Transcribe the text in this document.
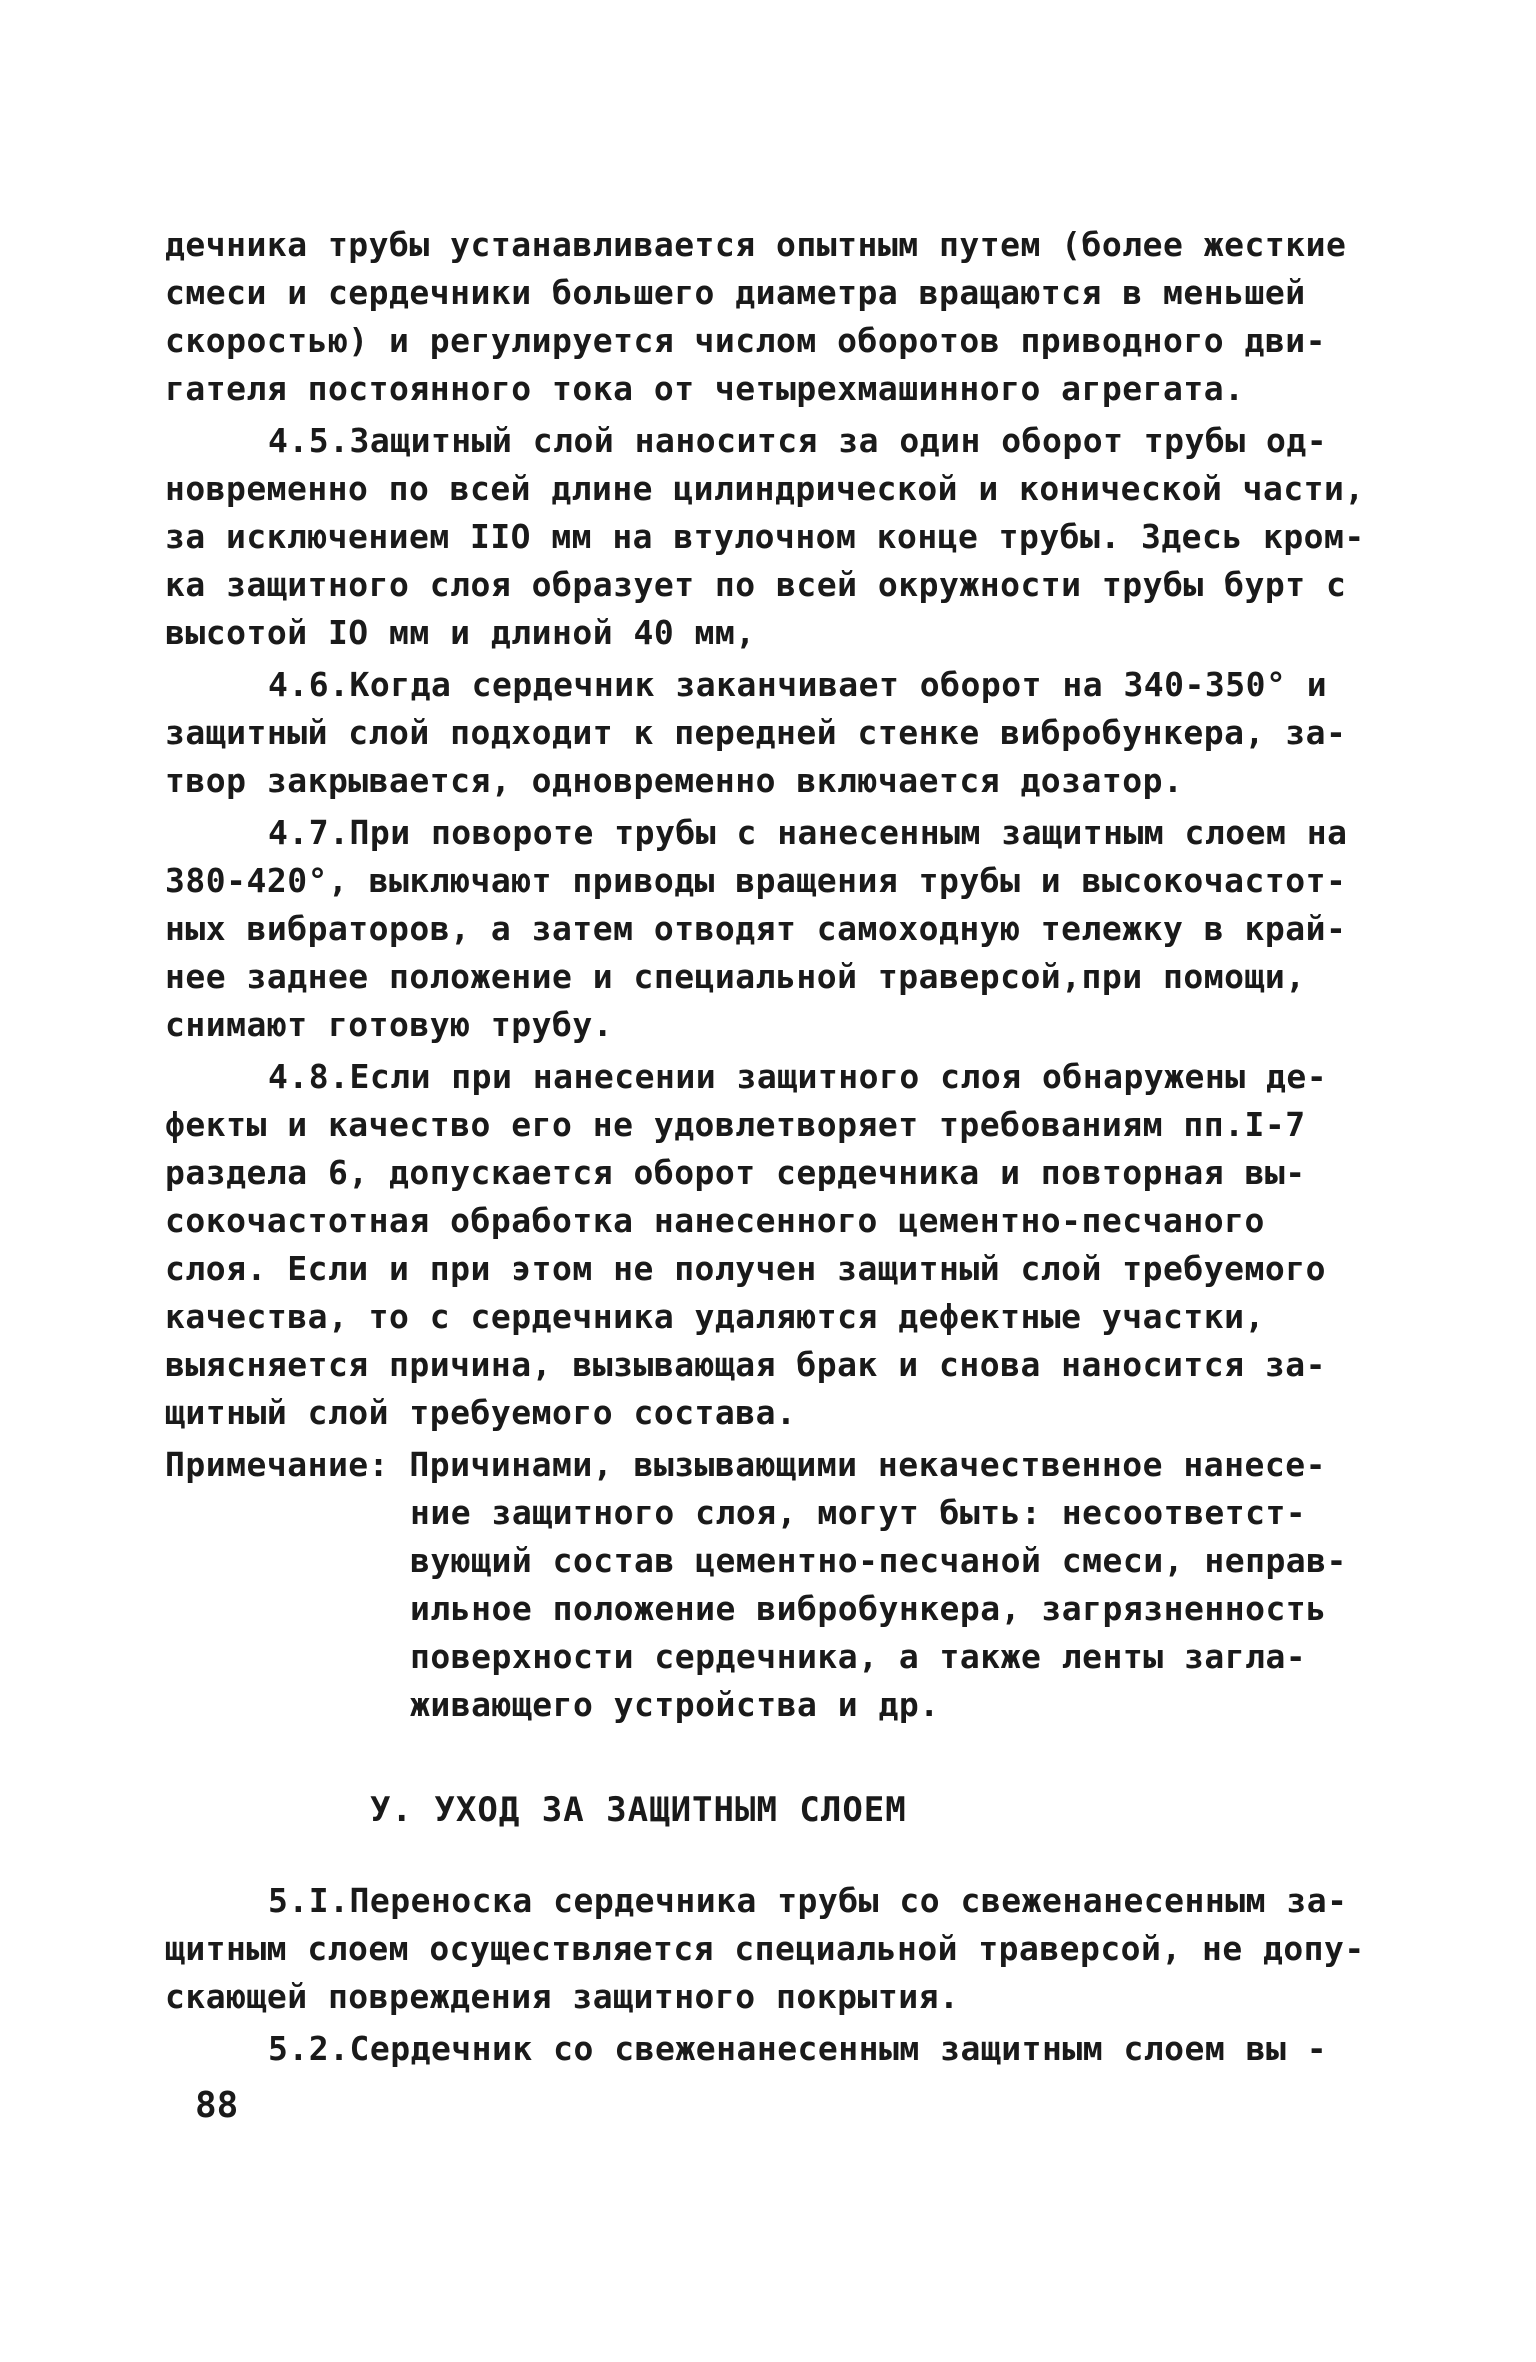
дечника трубы устанавливается опытным путем (более жесткие
смеси и сердечники большего диаметра вращаются в меньшей
скоростью) и регулируется числом оборотов приводного дви-
гателя постоянного тока от четырехмашинного агрегата.
4.5.Защитный слой наносится за один оборот трубы од-
новременно по всей длине цилиндрической и конической части,
за исключением IIO мм на втулочном конце трубы. Здесь кром-
ка защитного слоя образует по всей окружности трубы бурт с
высотой IO мм и длиной 40 мм,
4.6.Когда сердечник заканчивает оборот на 340-350° и
защитный слой подходит к передней стенке вибробункера, за-
твор закрывается, одновременно включается дозатор.
4.7.При повороте трубы с нанесенным защитным слоем на
380-420°, выключают приводы вращения трубы и высокочастот-
ных вибраторов, а затем отводят самоходную тележку в край-
нее заднее положение и специальной траверсой,при помощи,
снимают готовую трубу.
4.8.Если при нанесении защитного слоя обнаружены де-
фекты и качество его не удовлетворяет требованиям пп.I-7
раздела 6, допускается оборот сердечника и повторная вы-
сокочастотная обработка нанесенного цементно-песчаного
слоя. Если и при этом не получен защитный слой требуемого
качества, то с сердечника удаляются дефектные участки,
выясняется причина, вызывающая брак и снова наносится за-
щитный слой требуемого состава.
Примечание: Причинами, вызывающими некачественное нанесе-
ние защитного слоя, могут быть: несоответст-
вующий состав цементно-песчаной смеси, неправ-
ильное положение вибробункера, загрязненность
поверхности сердечника, а также ленты загла-
живающего устройства и др.
У. УХОД ЗА ЗАЩИТНЫМ СЛОЕМ
5.I.Переноска сердечника трубы со свеженанесенным за-
щитным слоем осуществляется специальной траверсой, не допу-
скающей повреждения защитного покрытия.
5.2.Сердечник со свеженанесенным защитным слоем вы -
88
